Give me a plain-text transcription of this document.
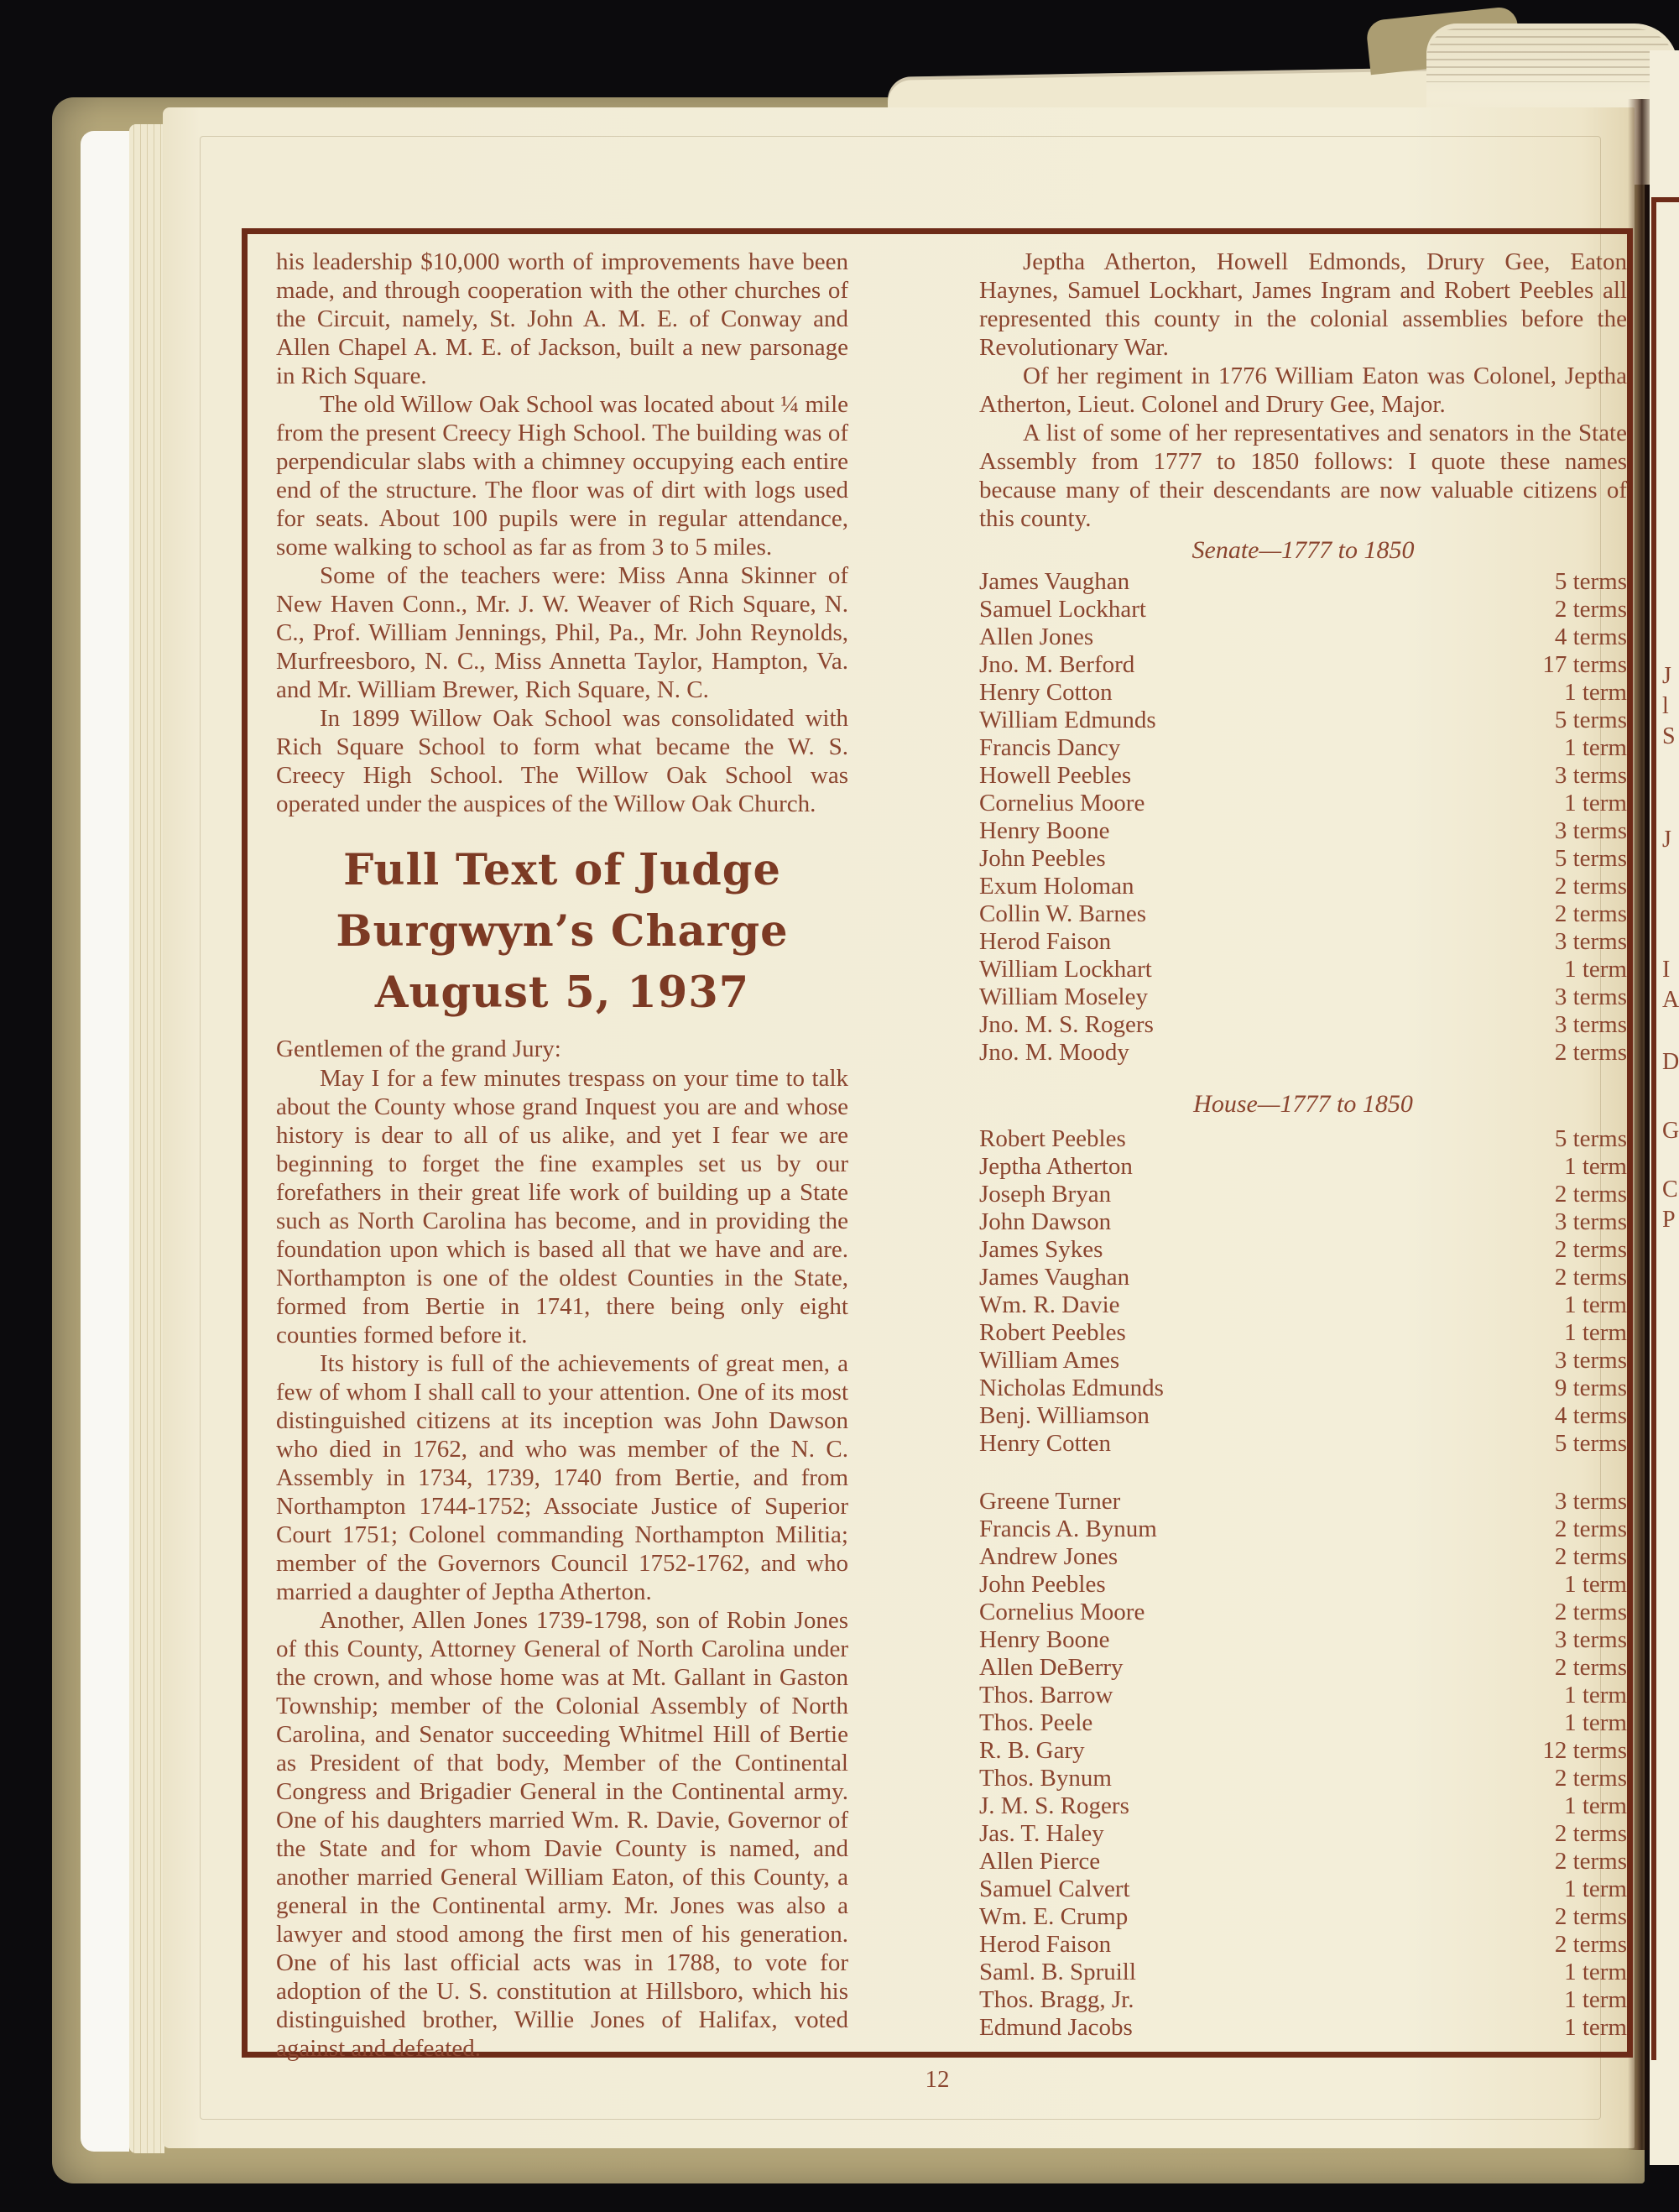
J
l
S
J
I
A
D
G
C
P

his leadership $10,000 worth of improvements have been made, and through cooperation with the other churches of the Circuit, namely, St. John A. M. E. of Conway and Allen Chapel A. M. E. of Jackson, built a new parsonage in Rich Square.

The old Willow Oak School was located about ¼ mile from the present Creecy High School. The building was of perpendicular slabs with a chimney occupying each entire end of the structure. The floor was of dirt with logs used for seats. About 100 pupils were in regular attendance, some walking to school as far as from 3 to 5 miles.

Some of the teachers were: Miss Anna Skinner of New Haven Conn., Mr. J. W. Weaver of Rich Square, N. C., Prof. William Jennings, Phil, Pa., Mr. John Reynolds, Murfreesboro, N. C., Miss Annetta Taylor, Hampton, Va. and Mr. William Brewer, Rich Square, N. C.

In 1899 Willow Oak School was consolidated with Rich Square School to form what became the W. S. Creecy High School. The Willow Oak School was operated under the auspices of the Willow Oak Church.

Full Text of Judge
Burgwyn’s Charge
August 5, 1937

Gentlemen of the grand Jury:

May I for a few minutes trespass on your time to talk about the County whose grand Inquest you are and whose history is dear to all of us alike, and yet I fear we are beginning to forget the fine examples set us by our forefathers in their great life work of building up a State such as North Carolina has become, and in providing the foundation upon which is based all that we have and are. Northampton is one of the oldest Counties in the State, formed from Bertie in 1741, there being only eight counties formed before it.

Its history is full of the achievements of great men, a few of whom I shall call to your attention. One of its most distinguished citizens at its inception was John Dawson who died in 1762, and who was member of the N. C. Assembly in 1734, 1739, 1740 from Bertie, and from Northampton 1744-1752; Associate Justice of Superior Court 1751; Colonel commanding Northampton Militia; member of the Governors Council 1752-1762, and who married a daughter of Jeptha Atherton.

Another, Allen Jones 1739-1798, son of Robin Jones of this County, Attorney General of North Carolina under the crown, and whose home was at Mt. Gallant in Gaston Township; member of the Colonial Assembly of North Carolina, and Senator succeeding Whitmel Hill of Bertie as President of that body, Member of the Continental Congress and Brigadier General in the Continental army. One of his daughters married Wm. R. Davie, Governor of the State and for whom Davie County is named, and another married General William Eaton, of this County, a general in the Continental army. Mr. Jones was also a lawyer and stood among the first men of his generation. One of his last official acts was in 1788, to vote for adoption of the U. S. constitution at Hillsboro, which his distinguished brother, Willie Jones of Halifax, voted against and defeated.

Jeptha Atherton, Howell Edmonds, Drury Gee, Eaton Haynes, Samuel Lockhart, James Ingram and Robert Peebles all represented this county in the colonial assemblies before the Revolutionary War.

Of her regiment in 1776 William Eaton was Colonel, Jeptha Atherton, Lieut. Colonel and Drury Gee, Major.

A list of some of her representatives and senators in the State Assembly from 1777 to 1850 follows: I quote these names because many of their descendants are now valuable citizens of this county.

Senate—1777 to 1850
James Vaughan	5 terms
Samuel Lockhart	2 terms
Allen Jones	4 terms
Jno. M. Berford	17 terms
Henry Cotton	1 term
William Edmunds	5 terms
Francis Dancy	1 term
Howell Peebles	3 terms
Cornelius Moore	1 term
Henry Boone	3 terms
John Peebles	5 terms
Exum Holoman	2 terms
Collin W. Barnes	2 terms
Herod Faison	3 terms
William Lockhart	1 term
William Moseley	3 terms
Jno. M. S. Rogers	3 terms
Jno. M. Moody	2 terms
House—1777 to 1850
Robert Peebles	5 terms
Jeptha Atherton	1 term
Joseph Bryan	2 terms
John Dawson	3 terms
James Sykes	2 terms
James Vaughan	2 terms
Wm. R. Davie	1 term
Robert Peebles	1 term
William Ames	3 terms
Nicholas Edmunds	9 terms
Benj. Williamson	4 terms
Henry Cotten	5 terms
Greene Turner	3 terms
Francis A. Bynum	2 terms
Andrew Jones	2 terms
John Peebles	1 term
Cornelius Moore	2 terms
Henry Boone	3 terms
Allen DeBerry	2 terms
Thos. Barrow	1 term
Thos. Peele	1 term
R. B. Gary	12 terms
Thos. Bynum	2 terms
J. M. S. Rogers	1 term
Jas. T. Haley	2 terms
Allen Pierce	2 terms
Samuel Calvert	1 term
Wm. E. Crump	2 terms
Herod Faison	2 terms
Saml. B. Spruill	1 term
Thos. Bragg, Jr.	1 term
Edmund Jacobs	1 term
12
